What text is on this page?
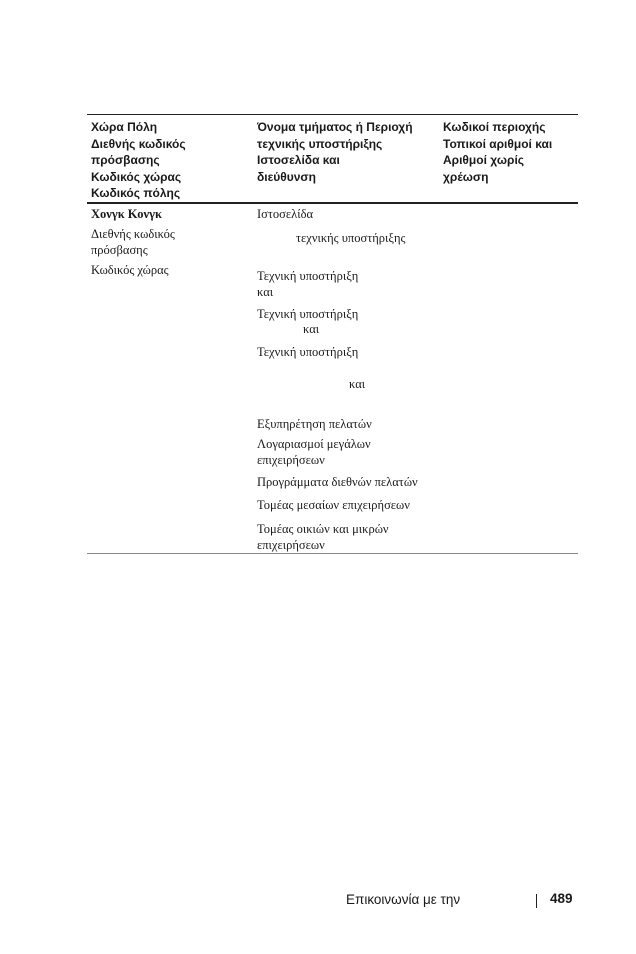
Χώρα Πόλη
Διεθνής κωδικός
πρόσβασης
Κωδικός χώρας
Κωδικός πόλης
Όνομα τμήματος ή Περιοχή
τεχνικής υποστήριξης
Ιστοσελίδα και
διεύθυνση
Κωδικοί περιοχής
Τοπικοί αριθμοί και
Αριθμοί χωρίς
χρέωση
Χονγκ Κονγκ
Διεθνής κωδικός
πρόσβασης
Κωδικός χώρας
Ιστοσελίδα
τεχνικής υποστήριξης
Τεχνική υποστήριξη
και
Τεχνική υποστήριξη
και
Τεχνική υποστήριξη
και
Εξυπηρέτηση πελατών
Λογαριασμοί μεγάλων
επιχειρήσεων
Προγράμματα διεθνών πελατών
Τομέας μεσαίων επιχειρήσεων
Τομέας οικιών και μικρών
επιχειρήσεων
Επικοινωνία με την	489
